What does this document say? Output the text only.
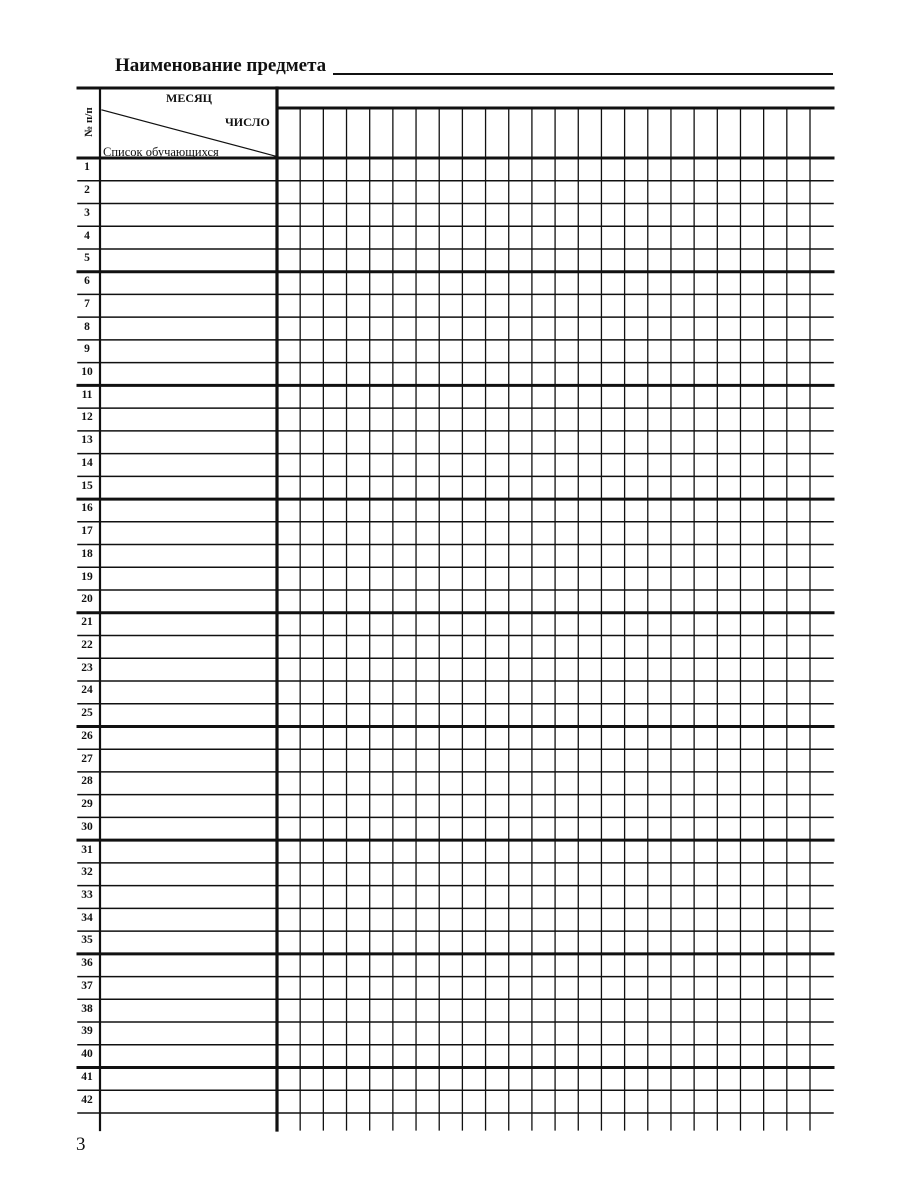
Наименование предмета
МЕСЯЦ
ЧИСЛО
Список обучающихся
№ п/п
1
2
3
4
5
6
7
8
9
10
11
12
13
14
15
16
17
18
19
20
21
22
23
24
25
26
27
28
29
30
31
32
33
34
35
36
37
38
39
40
41
42
3
